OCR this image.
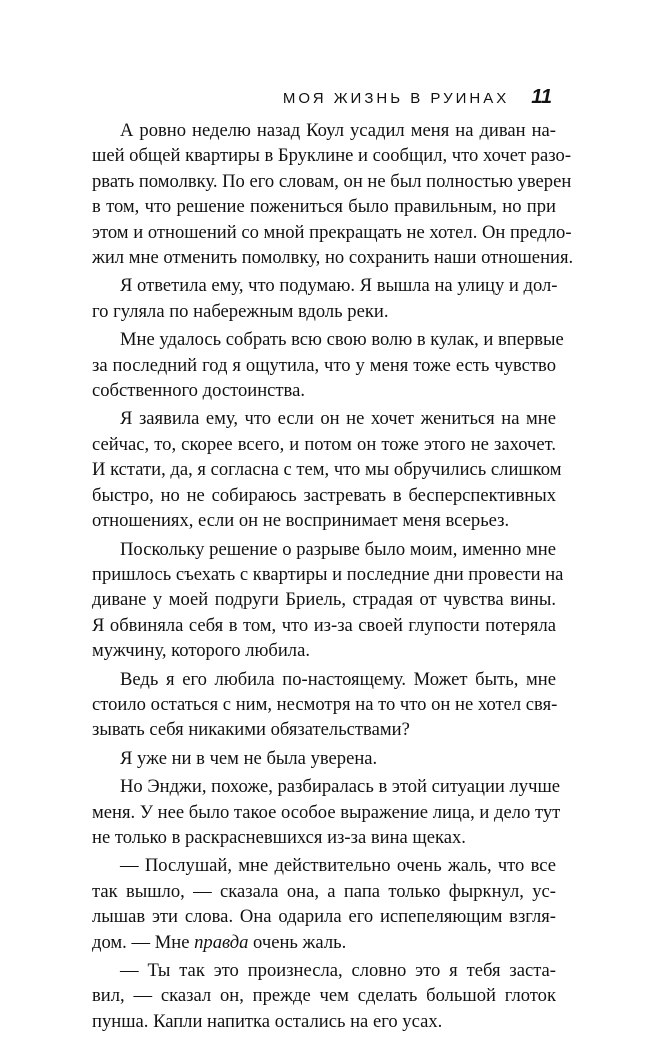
МОЯ ЖИЗНЬ В РУИНАХ 11
А ровно неделю назад Коул усадил меня на диван на-
шей общей квартиры в Бруклине и сообщил, что хочет разо-
рвать помолвку. По его словам, он не был полностью уверен
в том, что решение пожениться было правильным, но при
этом и отношений со мной прекращать не хотел. Он предло-
жил мне отменить помолвку, но сохранить наши отношения.
Я ответила ему, что подумаю. Я вышла на улицу и дол-
го гуляла по набережным вдоль реки.
Мне удалось собрать всю свою волю в кулак, и впервые
за последний год я ощутила, что у меня тоже есть чувство
собственного достоинства.
Я заявила ему, что если он не хочет жениться на мне
сейчас, то, скорее всего, и потом он тоже этого не захочет.
И кстати, да, я согласна с тем, что мы обручились слишком
быстро, но не собираюсь застревать в бесперспективных
отношениях, если он не воспринимает меня всерьез.
Поскольку решение о разрыве было моим, именно мне
пришлось съехать с квартиры и последние дни провести на
диване у моей подруги Бриель, страдая от чувства вины.
Я обвиняла себя в том, что из-за своей глупости потеряла
мужчину, которого любила.
Ведь я его любила по-настоящему. Может быть, мне
стоило остаться с ним, несмотря на то что он не хотел свя-
зывать себя никакими обязательствами?
Я уже ни в чем не была уверена.
Но Энджи, похоже, разбиралась в этой ситуации лучше
меня. У нее было такое особое выражение лица, и дело тут
не только в раскрасневшихся из-за вина щеках.
— Послушай, мне действительно очень жаль, что все
так вышло, — сказала она, а папа только фыркнул, ус-
лышав эти слова. Она одарила его испепеляющим взгля-
дом. — Мне правда очень жаль.
— Ты так это произнесла, словно это я тебя заста-
вил, — сказал он, прежде чем сделать большой глоток
пунша. Капли напитка остались на его усах.
